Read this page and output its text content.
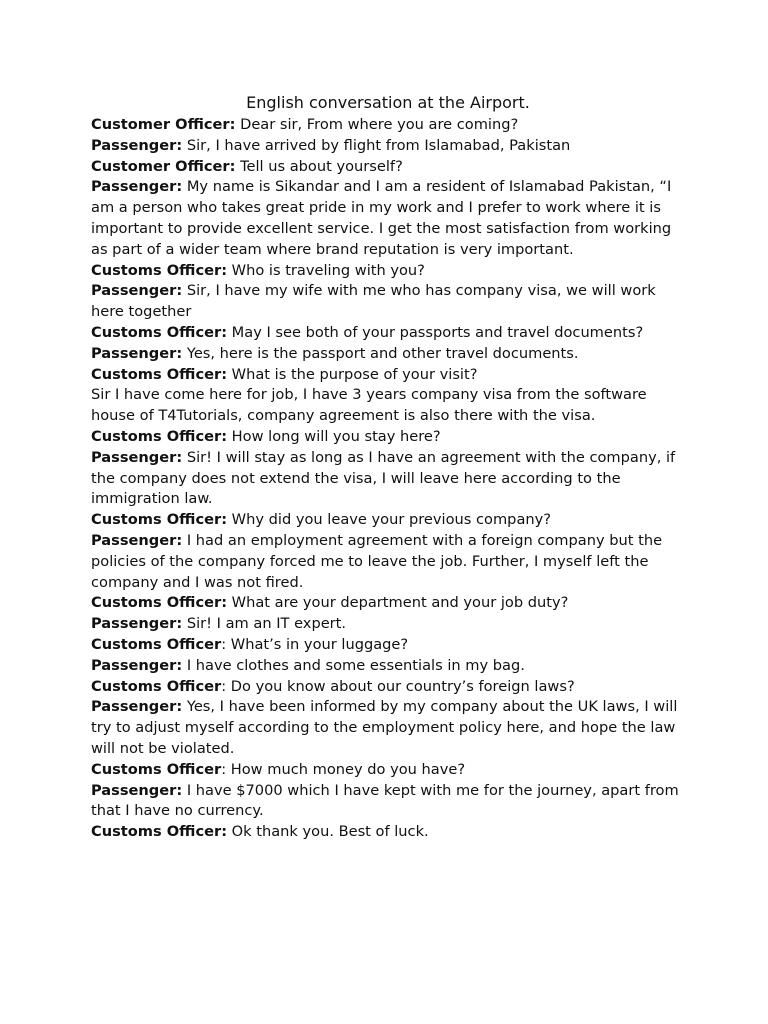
English conversation at the Airport.

Customer Officer: Dear sir, From where you are coming?

Passenger: Sir, I have arrived by flight from Islamabad, Pakistan

Customer Officer: Tell us about yourself?

Passenger: My name is Sikandar and I am a resident of Islamabad Pakistan, “I am a person who takes great pride in my work and I prefer to work where it is important to provide excellent service. I get the most satisfaction from working as part of a wider team where brand reputation is very important.

Customs Officer: Who is traveling with you?

Passenger: Sir, I have my wife with me who has company visa, we will work here together

Customs Officer: May I see both of your passports and travel documents?

Passenger: Yes, here is the passport and other travel documents.

Customs Officer: What is the purpose of your visit?

Sir I have come here for job, I have 3 years company visa from the software house of T4Tutorials, company agreement is also there with the visa.

Customs Officer: How long will you stay here?

Passenger: Sir! I will stay as long as I have an agreement with the company, if the company does not extend the visa, I will leave here according to the immigration law.

Customs Officer: Why did you leave your previous company?

Passenger: I had an employment agreement with a foreign company but the policies of the company forced me to leave the job. Further, I myself left the company and I was not fired.

Customs Officer: What are your department and your job duty?

Passenger: Sir! I am an IT expert.

Customs Officer: What’s in your luggage?

Passenger: I have clothes and some essentials in my bag.

Customs Officer: Do you know about our country’s foreign laws?

Passenger: Yes, I have been informed by my company about the UK laws, I will try to adjust myself according to the employment policy here, and hope the law will not be violated.

Customs Officer: How much money do you have?

Passenger: I have $7000 which I have kept with me for the journey, apart from that I have no currency.

Customs Officer: Ok thank you. Best of luck.
